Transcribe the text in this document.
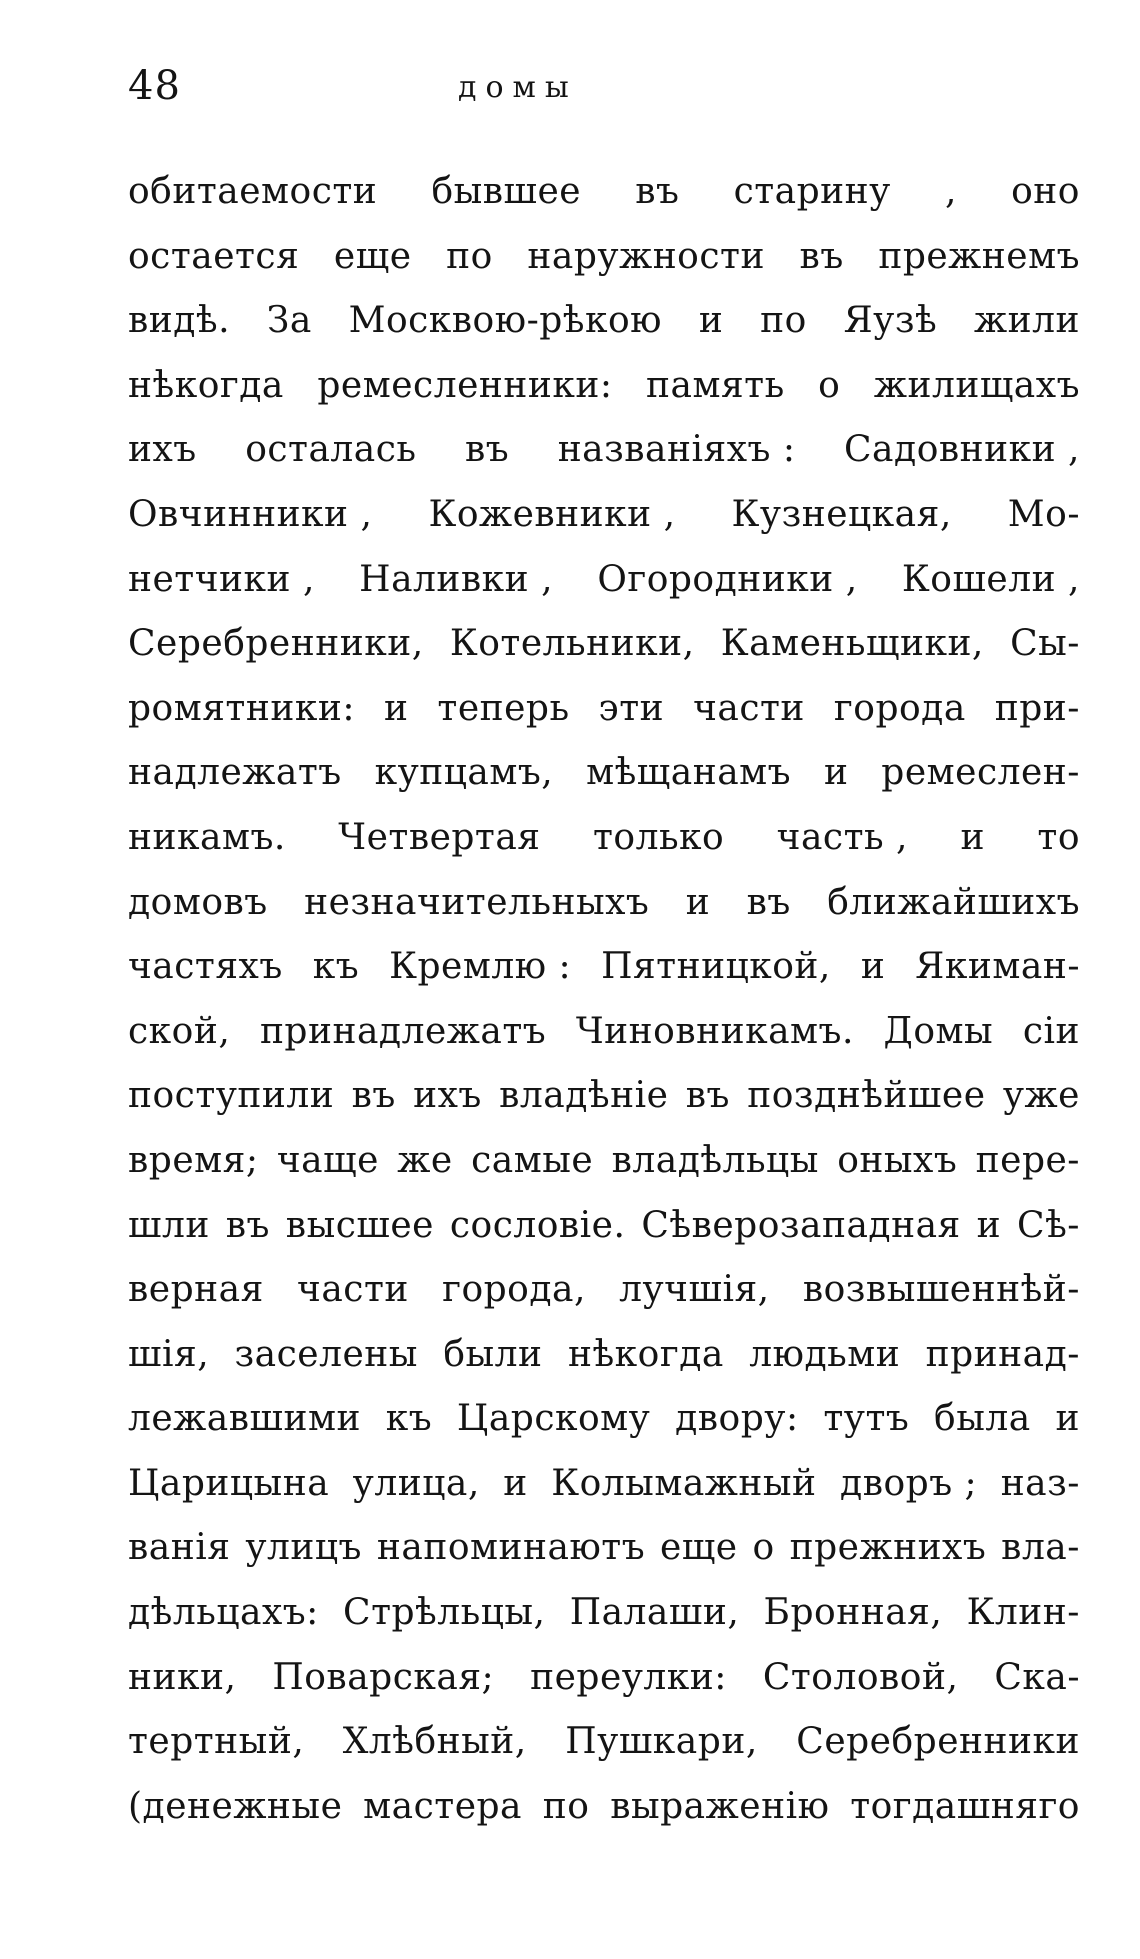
48	домы
обитаемости бывшее въ старину , оно
остается еще по наружности въ прежнемъ
видѣ. За Москвою-рѣкою и по Яузѣ жили
нѣкогда ремесленники: память о жилищахъ
ихъ осталась въ названіяхъ : Садовники ,
Овчинники , Кожевники , Кузнецкая, Мо-
нетчики , Наливки , Огородники , Кошели ,
Серебренники, Котельники, Каменьщики, Сы-
ромятники: и теперь эти части города при-
надлежатъ купцамъ, мѣщанамъ и ремеслен-
никамъ. Четвертая только часть , и то
домовъ незначительныхъ и въ ближайшихъ
частяхъ къ Кремлю : Пятницкой, и Якиман-
ской, принадлежатъ Чиновникамъ. Домы сіи
поступили въ ихъ владѣніе въ позднѣйшее уже
время; чаще же самые владѣльцы оныхъ пере-
шли въ высшее сословіе. Сѣверозападная и Сѣ-
верная части города, лучшія, возвышеннѣй-
шія, заселены были нѣкогда людьми принад-
лежавшими къ Царскому двору: тутъ была и
Царицына улица, и Колымажный дворъ ; наз-
ванія улицъ напоминаютъ еще о прежнихъ вла-
дѣльцахъ: Стрѣльцы, Палаши, Бронная, Клин-
ники, Поварская; переулки: Столовой, Ска-
тертный, Хлѣбный, Пушкари, Серебренники
(денежные мастера по выраженію тогдашняго
